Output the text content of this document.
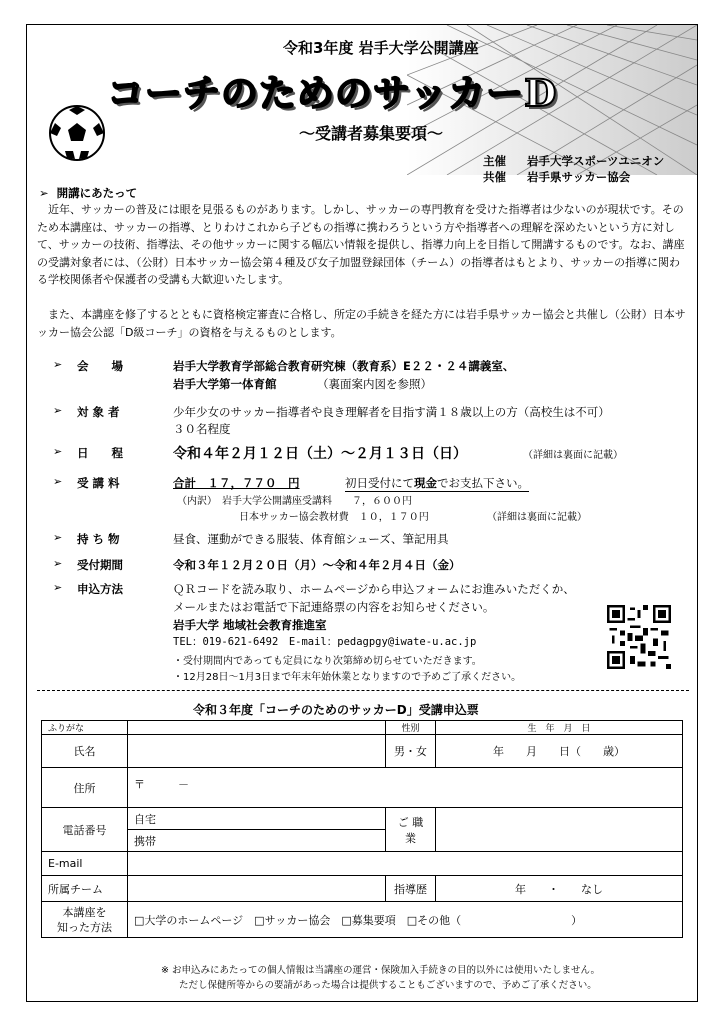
令和3年度 岩手大学公開講座
コーチのためのサッカーD
～受講者募集要項～
主催 岩手大学スポーツユニオン
共催 岩手県サッカー協会
➢ 開講にあたって
近年、サッカーの普及には眼を見張るものがあります。しかし、サッカーの専門教育を受けた指導者は少ないのが現状です。そのため本講座は、サッカーの指導、とりわけこれから子どもの指導に携わろうという方や指導者への理解を深めたいという方に対して、サッカーの技術、指導法、その他サッカーに関する幅広い情報を提供し、指導力向上を目指して開講するものです。なお、講座の受講対象者には、（公財）日本サッカー協会第４種及び女子加盟登録団体（チーム）の指導者はもとより、サッカーの指導に関わる学校関係者や保護者の受講も大歓迎いたします。
また、本講座を修了するとともに資格検定審査に合格し、所定の手続きを経た方には岩手県サッカー協会と共催し（公財）日本サッカー協会公認「D級コーチ」の資格を与えるものとします。
➢ 会　　場	岩手大学教育学部総合教育研究棟（教育系）E２２・２４講義室、
岩手大学第一体育館	（裏面案内図を参照）
➢ 対 象 者	少年少女のサッカー指導者や良き理解者を目指す満１８歳以上の方（高校生は不可）
３０名程度
➢ 日　　程	令和４年２月１２日（土）～２月１３日（日）	（詳細は裏面に記載）
➢ 受 講 料	合計　１７，７７０　円	初日受付にて現金でお支払下さい。
（内訳）　岩手大学公開講座受講料　　７，６００円
日本サッカー協会教材費　１０，１７０円	（詳細は裏面に記載）
➢ 持 ち 物	昼食、運動ができる服装、体育館シューズ、筆記用具
➢ 受付期間	令和３年１２月２０日（月）～令和４年２月４日（金）
➢ 申込方法	ＱＲコードを読み取り、ホームページから申込フォームにお進みいただくか、
メールまたはお電話で下記連絡票の内容をお知らせください。
岩手大学 地域社会教育推進室
TEL：019-621-6492　E-mail：pedagpgy@iwate-u.ac.jp
・受付期間内であっても定員になり次第締め切らせていただきます。
・12月28日～1月3日まで年末年始休業となりますので予めご了承ください。
令和３年度「コーチのためのサッカーD」受講申込票
ふりがな		性別	生　年　月　日
氏名		男・女	年　　月　　日（　　歳）
住所	〒　　　－		
電話番号	自宅	ご 職 業	
	携帯		
E-mail			
所属チーム		指導歴	年　　・　　なし
本講座を
知った方法	□大学のホームページ　□サッカー協会　□募集要項　□その他（　　　　　　　　　　）		
※ お申込みにあたっての個人情報は当講座の運営・保険加入手続きの目的以外には使用いたしません。
ただし保健所等からの要請があった場合は提供することもございますので、予めご了承ください。
